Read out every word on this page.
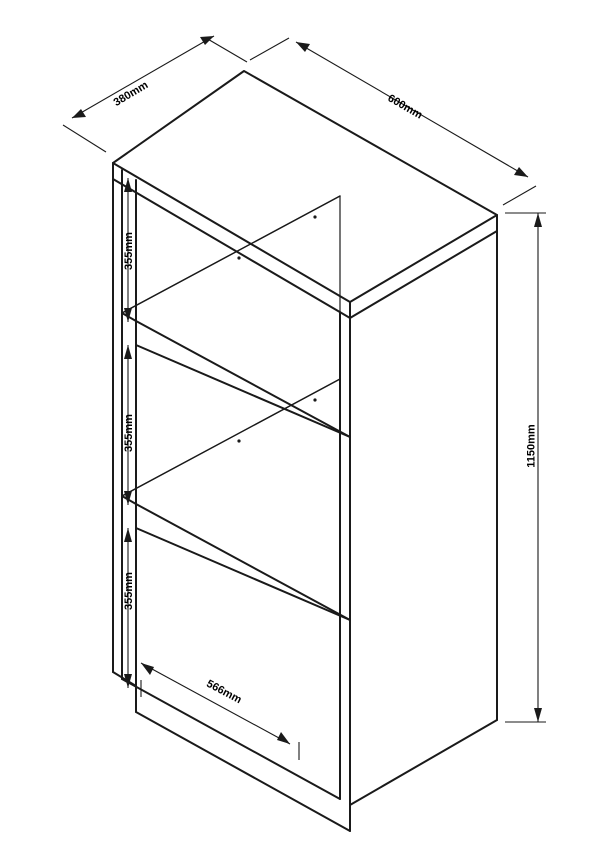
380mm	600mm
1150mm
355mm
355mm
355mm
566mm
